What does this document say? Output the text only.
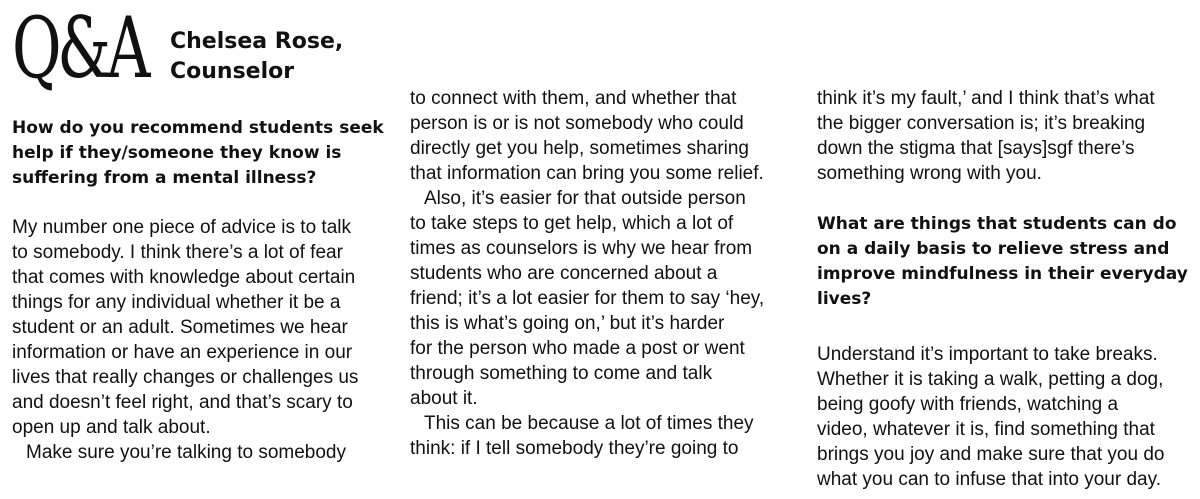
Q&A Chelsea Rose,
Counselor

How do you recommend students seek

help if they/someone they know is

suffering from a mental illness?

My number one piece of advice is to talk

to somebody. I think there’s a lot of fear

that comes with knowledge about certain

things for any individual whether it be a

student or an adult. Sometimes we hear

information or have an experience in our

lives that really changes or challenges us

and doesn’t feel right, and that’s scary to

open up and talk about.

Make sure you’re talking to somebody

to connect with them, and whether that

person is or is not somebody who could

directly get you help, sometimes sharing

that information can bring you some relief.

Also, it’s easier for that outside person

to take steps to get help, which a lot of

times as counselors is why we hear from

students who are concerned about a

friend; it’s a lot easier for them to say ‘hey,

this is what’s going on,’ but it’s harder

for the person who made a post or went

through something to come and talk

about it.

This can be because a lot of times they

think: if I tell somebody they’re going to

think it’s my fault,’ and I think that’s what

the bigger conversation is; it’s breaking

down the stigma that [says]sgf there’s

something wrong with you.

What are things that students can do

on a daily basis to relieve stress and

improve mindfulness in their everyday

lives?

Understand it’s important to take breaks.

Whether it is taking a walk, petting a dog,

being goofy with friends, watching a

video, whatever it is, find something that

brings you joy and make sure that you do

what you can to infuse that into your day.
